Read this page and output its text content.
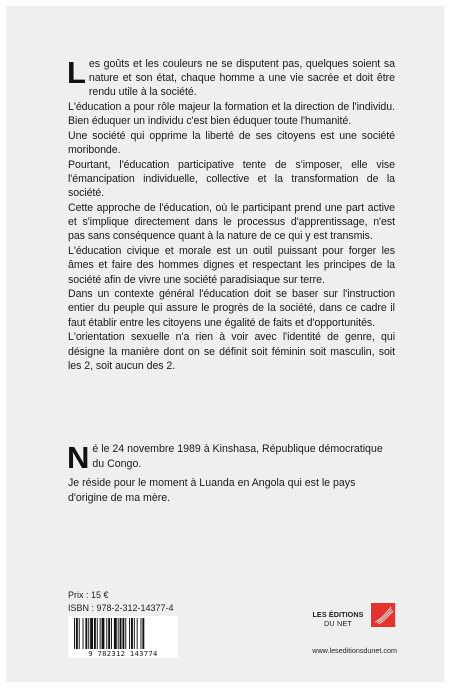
Les goûts et les couleurs ne se disputent pas, quelques soient sa nature et son état, chaque homme a une vie sacrée et doit être rendu utile à la société.

L'éducation a pour rôle majeur la formation et la direction de l'individu. Bien éduquer un individu c'est bien éduquer toute l'humanité.

Une société qui opprime la liberté de ses citoyens est une société moribonde.

Pourtant, l'éducation participative tente de s'imposer, elle vise l'émancipation individuelle, collective et la transformation de la société.

Cette approche de l'éducation, où le participant prend une part active et s'implique directement dans le processus d'apprentissage, n'est pas sans conséquence quant à la nature de ce qui y est transmis.

L'éducation civique et morale est un outil puissant pour forger les âmes et faire des hommes dignes et respectant les principes de la société afin de vivre une société paradisiaque sur terre.

Dans un contexte général l'éducation doit se baser sur l'instruction entier du peuple qui assure le progrès de la société, dans ce cadre il faut établir entre les citoyens une égalité de faits et d'opportunités.

L'orientation sexuelle n'a rien à voir avec l'identité de genre, qui désigne la manière dont on se définit soit féminin soit masculin, soit les 2, soit aucun des 2.

Né le 24 novembre 1989 à Kinshasa, République démocratique du Congo.

Je réside pour le moment à Luanda en Angola qui est le pays d'origine de ma mère.

Prix : 15 €
ISBN : 978-2-312-14377-4
9 782312 143774
LES ÉDITIONS
DU NET
www.leseditionsdunet.com
